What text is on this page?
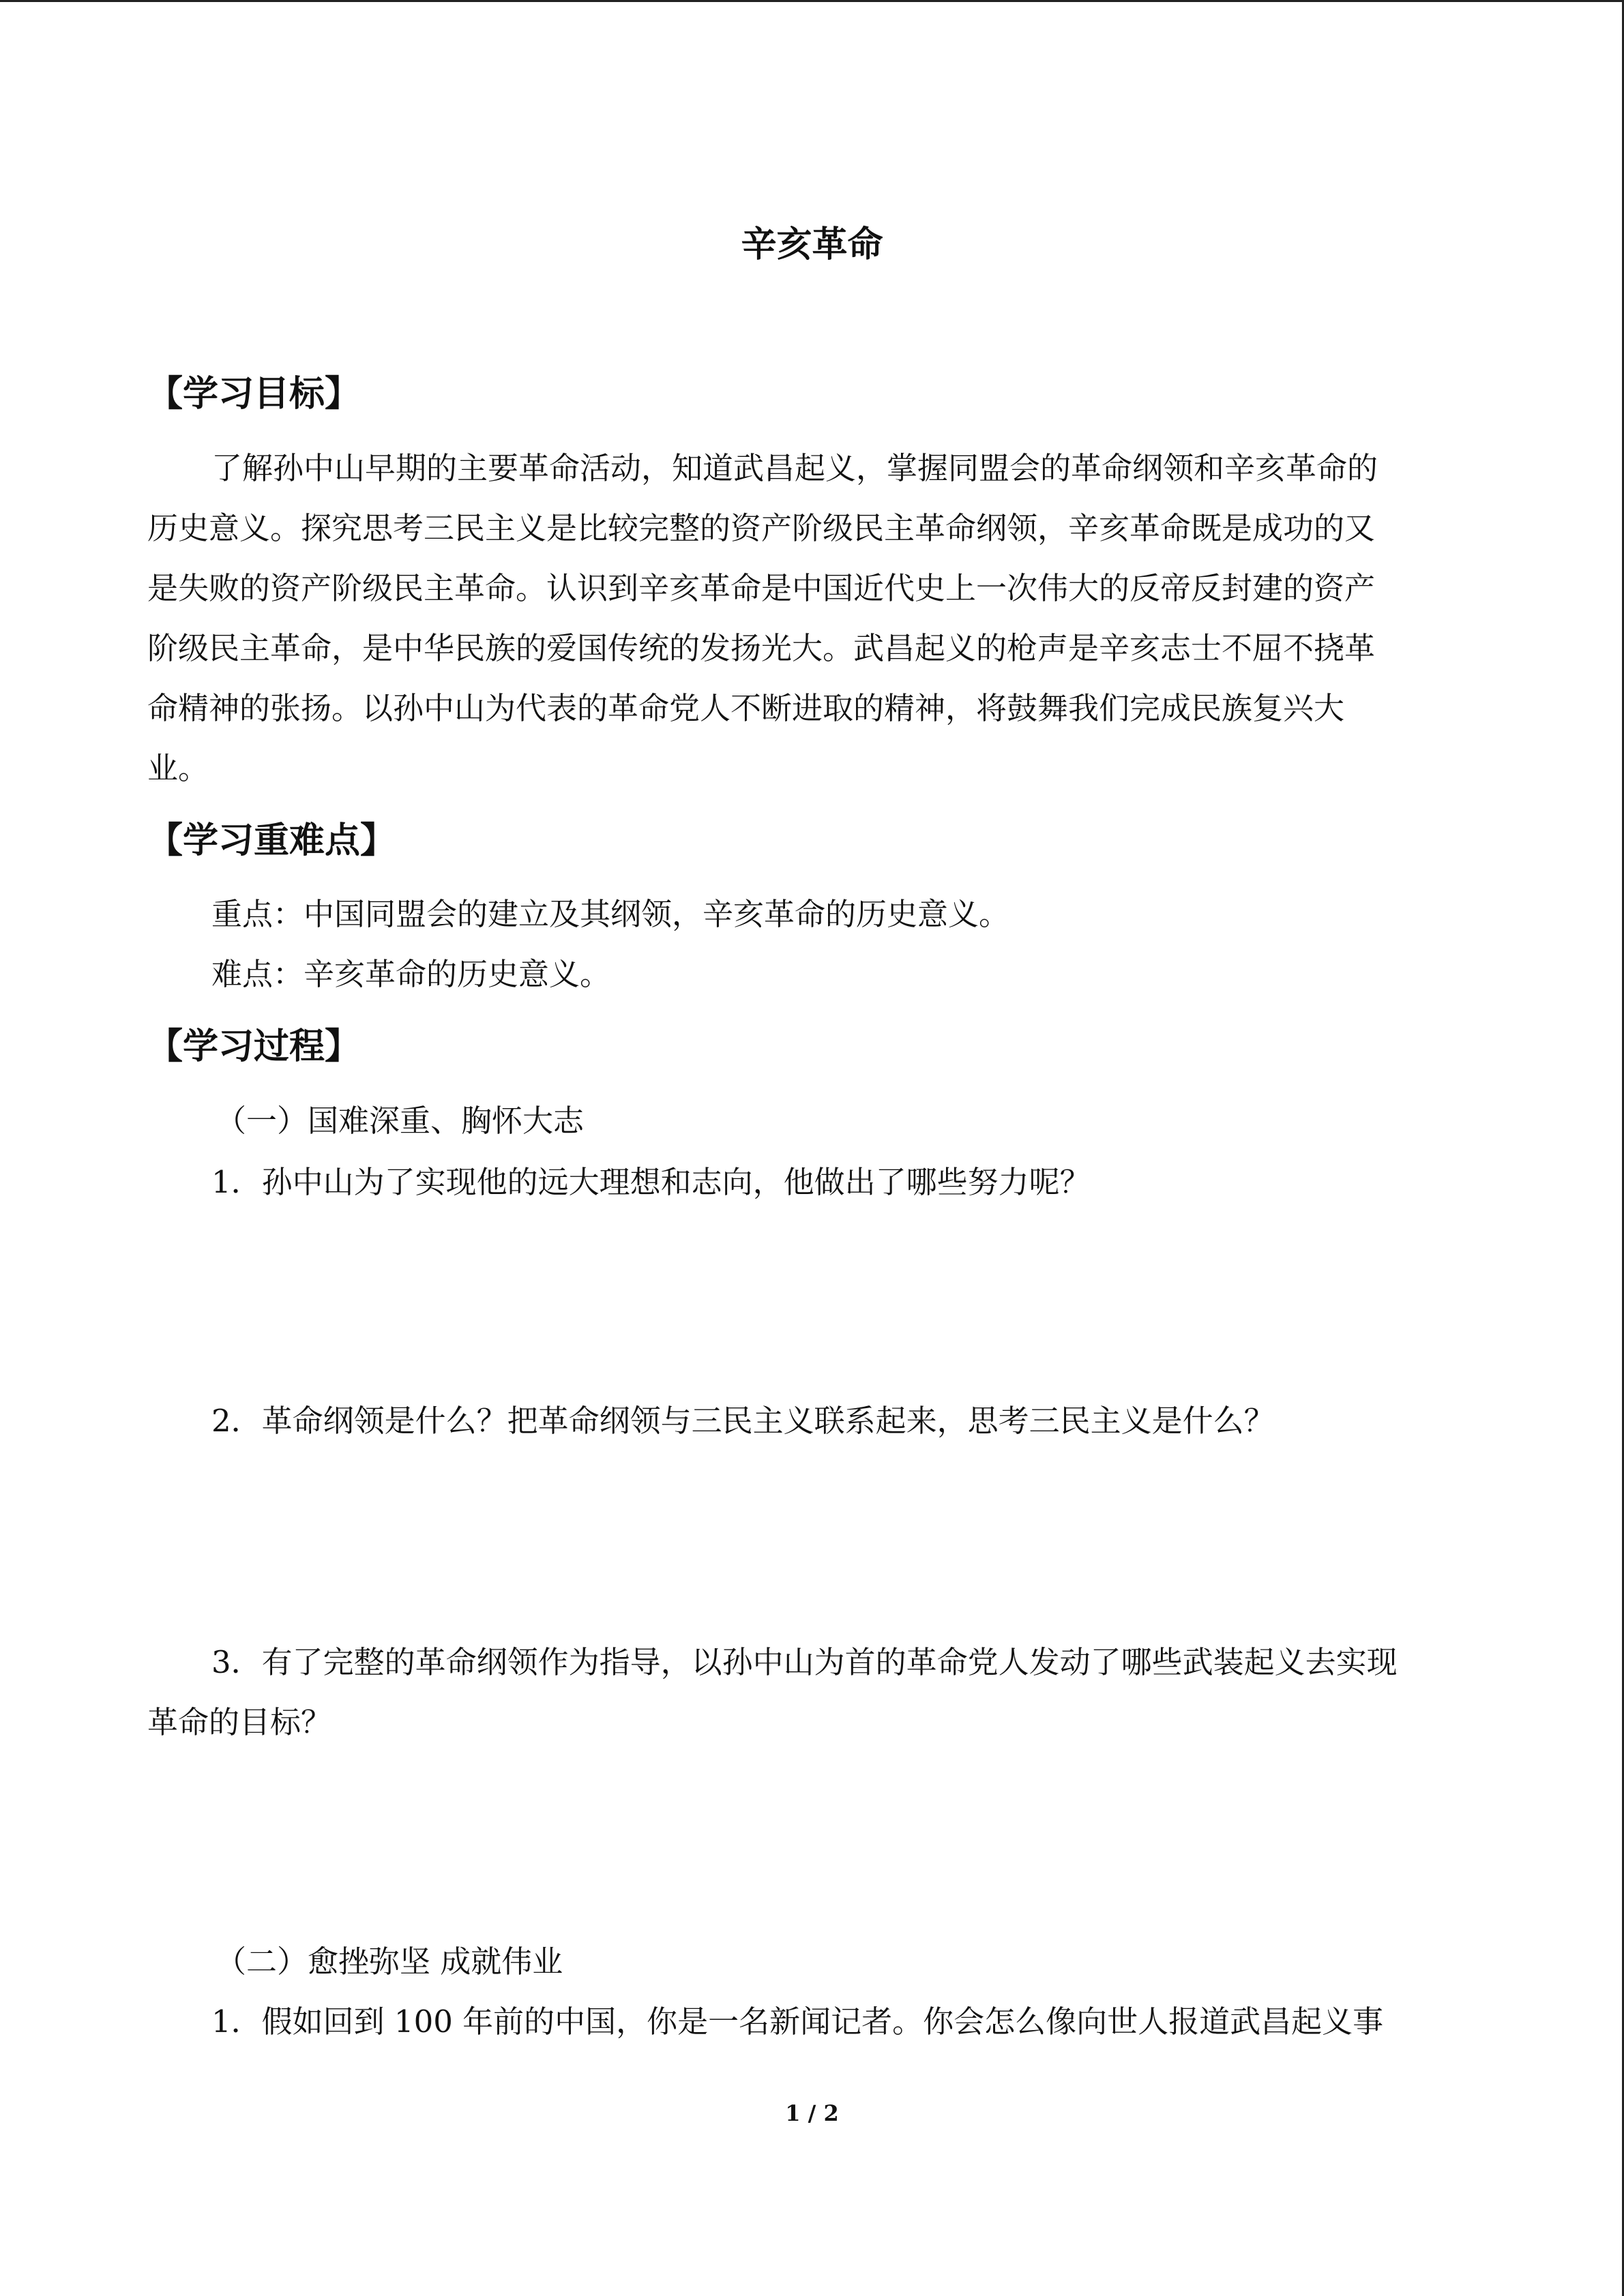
辛亥革命
【学习目标】
了解孙中山早期的主要革命活动，知道武昌起义，掌握同盟会的革命纲领和辛亥革命的
历史意义。探究思考三民主义是比较完整的资产阶级民主革命纲领，辛亥革命既是成功的又
是失败的资产阶级民主革命。认识到辛亥革命是中国近代史上一次伟大的反帝反封建的资产
阶级民主革命，是中华民族的爱国传统的发扬光大。武昌起义的枪声是辛亥志士不屈不挠革
命精神的张扬。以孙中山为代表的革命党人不断进取的精神，将鼓舞我们完成民族复兴大
业。
【学习重难点】
重点：中国同盟会的建立及其纲领，辛亥革命的历史意义。
难点：辛亥革命的历史意义。
【学习过程】
（一）国难深重、胸怀大志
1．孙中山为了实现他的远大理想和志向，他做出了哪些努力呢？
2．革命纲领是什么？把革命纲领与三民主义联系起来，思考三民主义是什么？
3．有了完整的革命纲领作为指导，以孙中山为首的革命党人发动了哪些武装起义去实现
革命的目标？
（二）愈挫弥坚 成就伟业
1．假如回到 100 年前的中国，你是一名新闻记者。你会怎么像向世人报道武昌起义事
1 / 2
